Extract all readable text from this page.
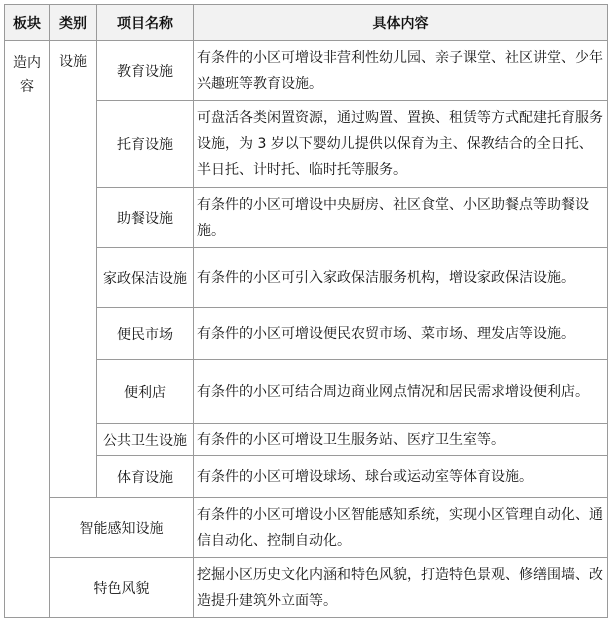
板块	类别	项目名称	具体内容

造内容	设施	教育设施	有条件的小区可增设非营利性幼儿园、亲子课堂、社区讲堂、少年兴趣班等教育设施。
		托育设施	可盘活各类闲置资源，通过购置、置换、租赁等方式配建托育服务设施，为 3 岁以下婴幼儿提供以保育为主、保教结合的全日托、半日托、计时托、临时托等服务。
		助餐设施	有条件的小区可增设中央厨房、社区食堂、小区助餐点等助餐设施。
		家政保洁设施	有条件的小区可引入家政保洁服务机构，增设家政保洁设施。
		便民市场	有条件的小区可增设便民农贸市场、菜市场、理发店等设施。
		便利店	有条件的小区可结合周边商业网点情况和居民需求增设便利店。
		公共卫生设施	有条件的小区可增设卫生服务站、医疗卫生室等。
		体育设施	有条件的小区可增设球场、球台或运动室等体育设施。
	智能感知设施		有条件的小区可增设小区智能感知系统，实现小区管理自动化、通信自动化、控制自动化。
	特色风貌		挖掘小区历史文化内涵和特色风貌，打造特色景观、修缮围墙、改造提升建筑外立面等。
